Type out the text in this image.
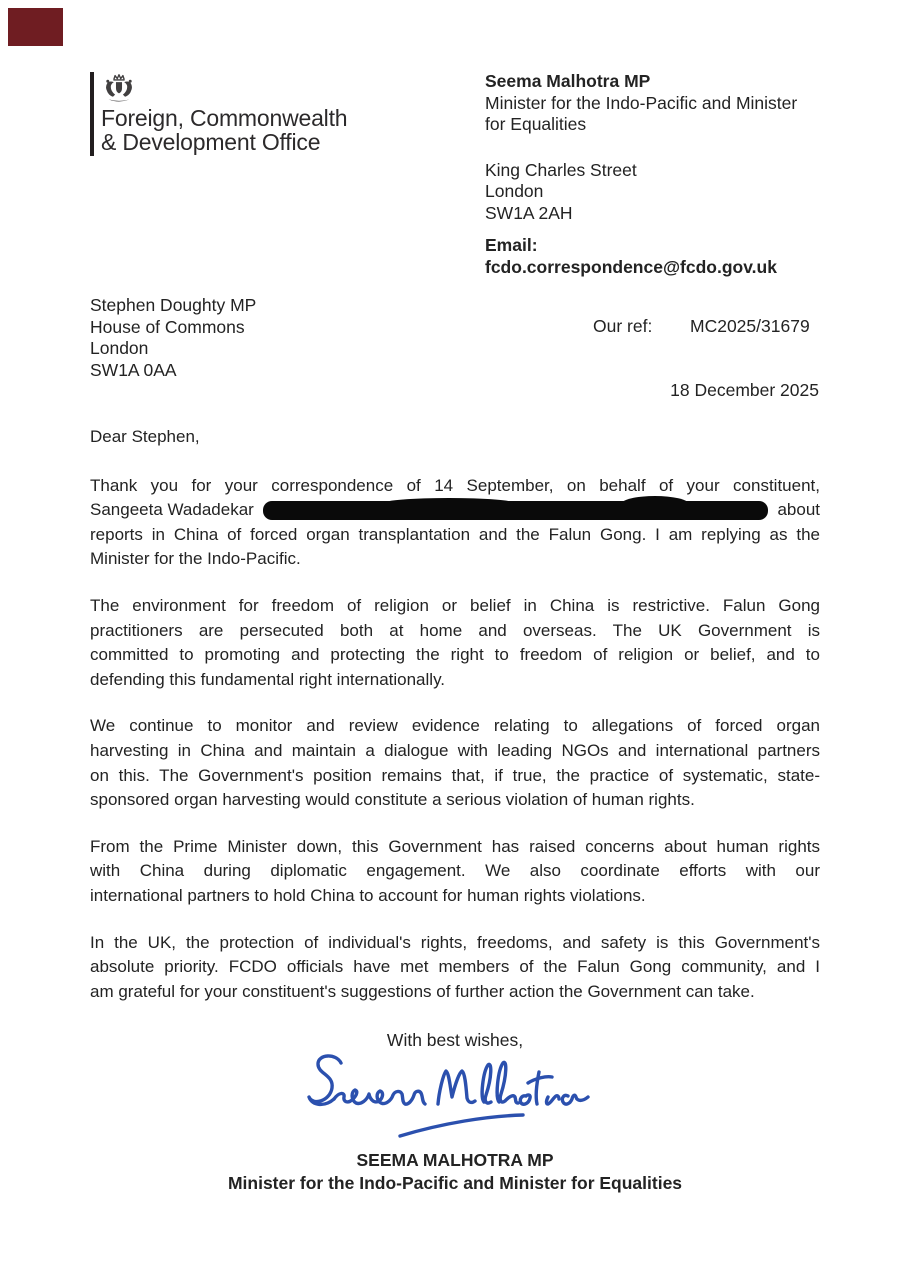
Foreign, Commonwealth
& Development Office
Seema Malhotra MP
Minister for the Indo-Pacific and Minister
for Equalities
King Charles Street
London
SW1A 2AH
Email:
fcdo.correspondence@fcdo.gov.uk
Stephen Doughty MP
House of Commons
London
SW1A 0AA
Our ref: MC2025/31679
18 December 2025
Dear Stephen,
Thank you for your correspondence of 14 September, on behalf of your constituent,
Sangeeta Wadadekar	about
reports in China of forced organ transplantation and the Falun Gong. I am replying as the
Minister for the Indo-Pacific.
The environment for freedom of religion or belief in China is restrictive. Falun Gong
practitioners are persecuted both at home and overseas. The UK Government is
committed to promoting and protecting the right to freedom of religion or belief, and to
defending this fundamental right internationally.
We continue to monitor and review evidence relating to allegations of forced organ
harvesting in China and maintain a dialogue with leading NGOs and international partners
on this. The Government's position remains that, if true, the practice of systematic, state-
sponsored organ harvesting would constitute a serious violation of human rights.
From the Prime Minister down, this Government has raised concerns about human rights
with China during diplomatic engagement. We also coordinate efforts with our
international partners to hold China to account for human rights violations.
In the UK, the protection of individual's rights, freedoms, and safety is this Government's
absolute priority. FCDO officials have met members of the Falun Gong community, and I
am grateful for your constituent's suggestions of further action the Government can take.
With best wishes,
SEEMA MALHOTRA MP
Minister for the Indo-Pacific and Minister for Equalities
